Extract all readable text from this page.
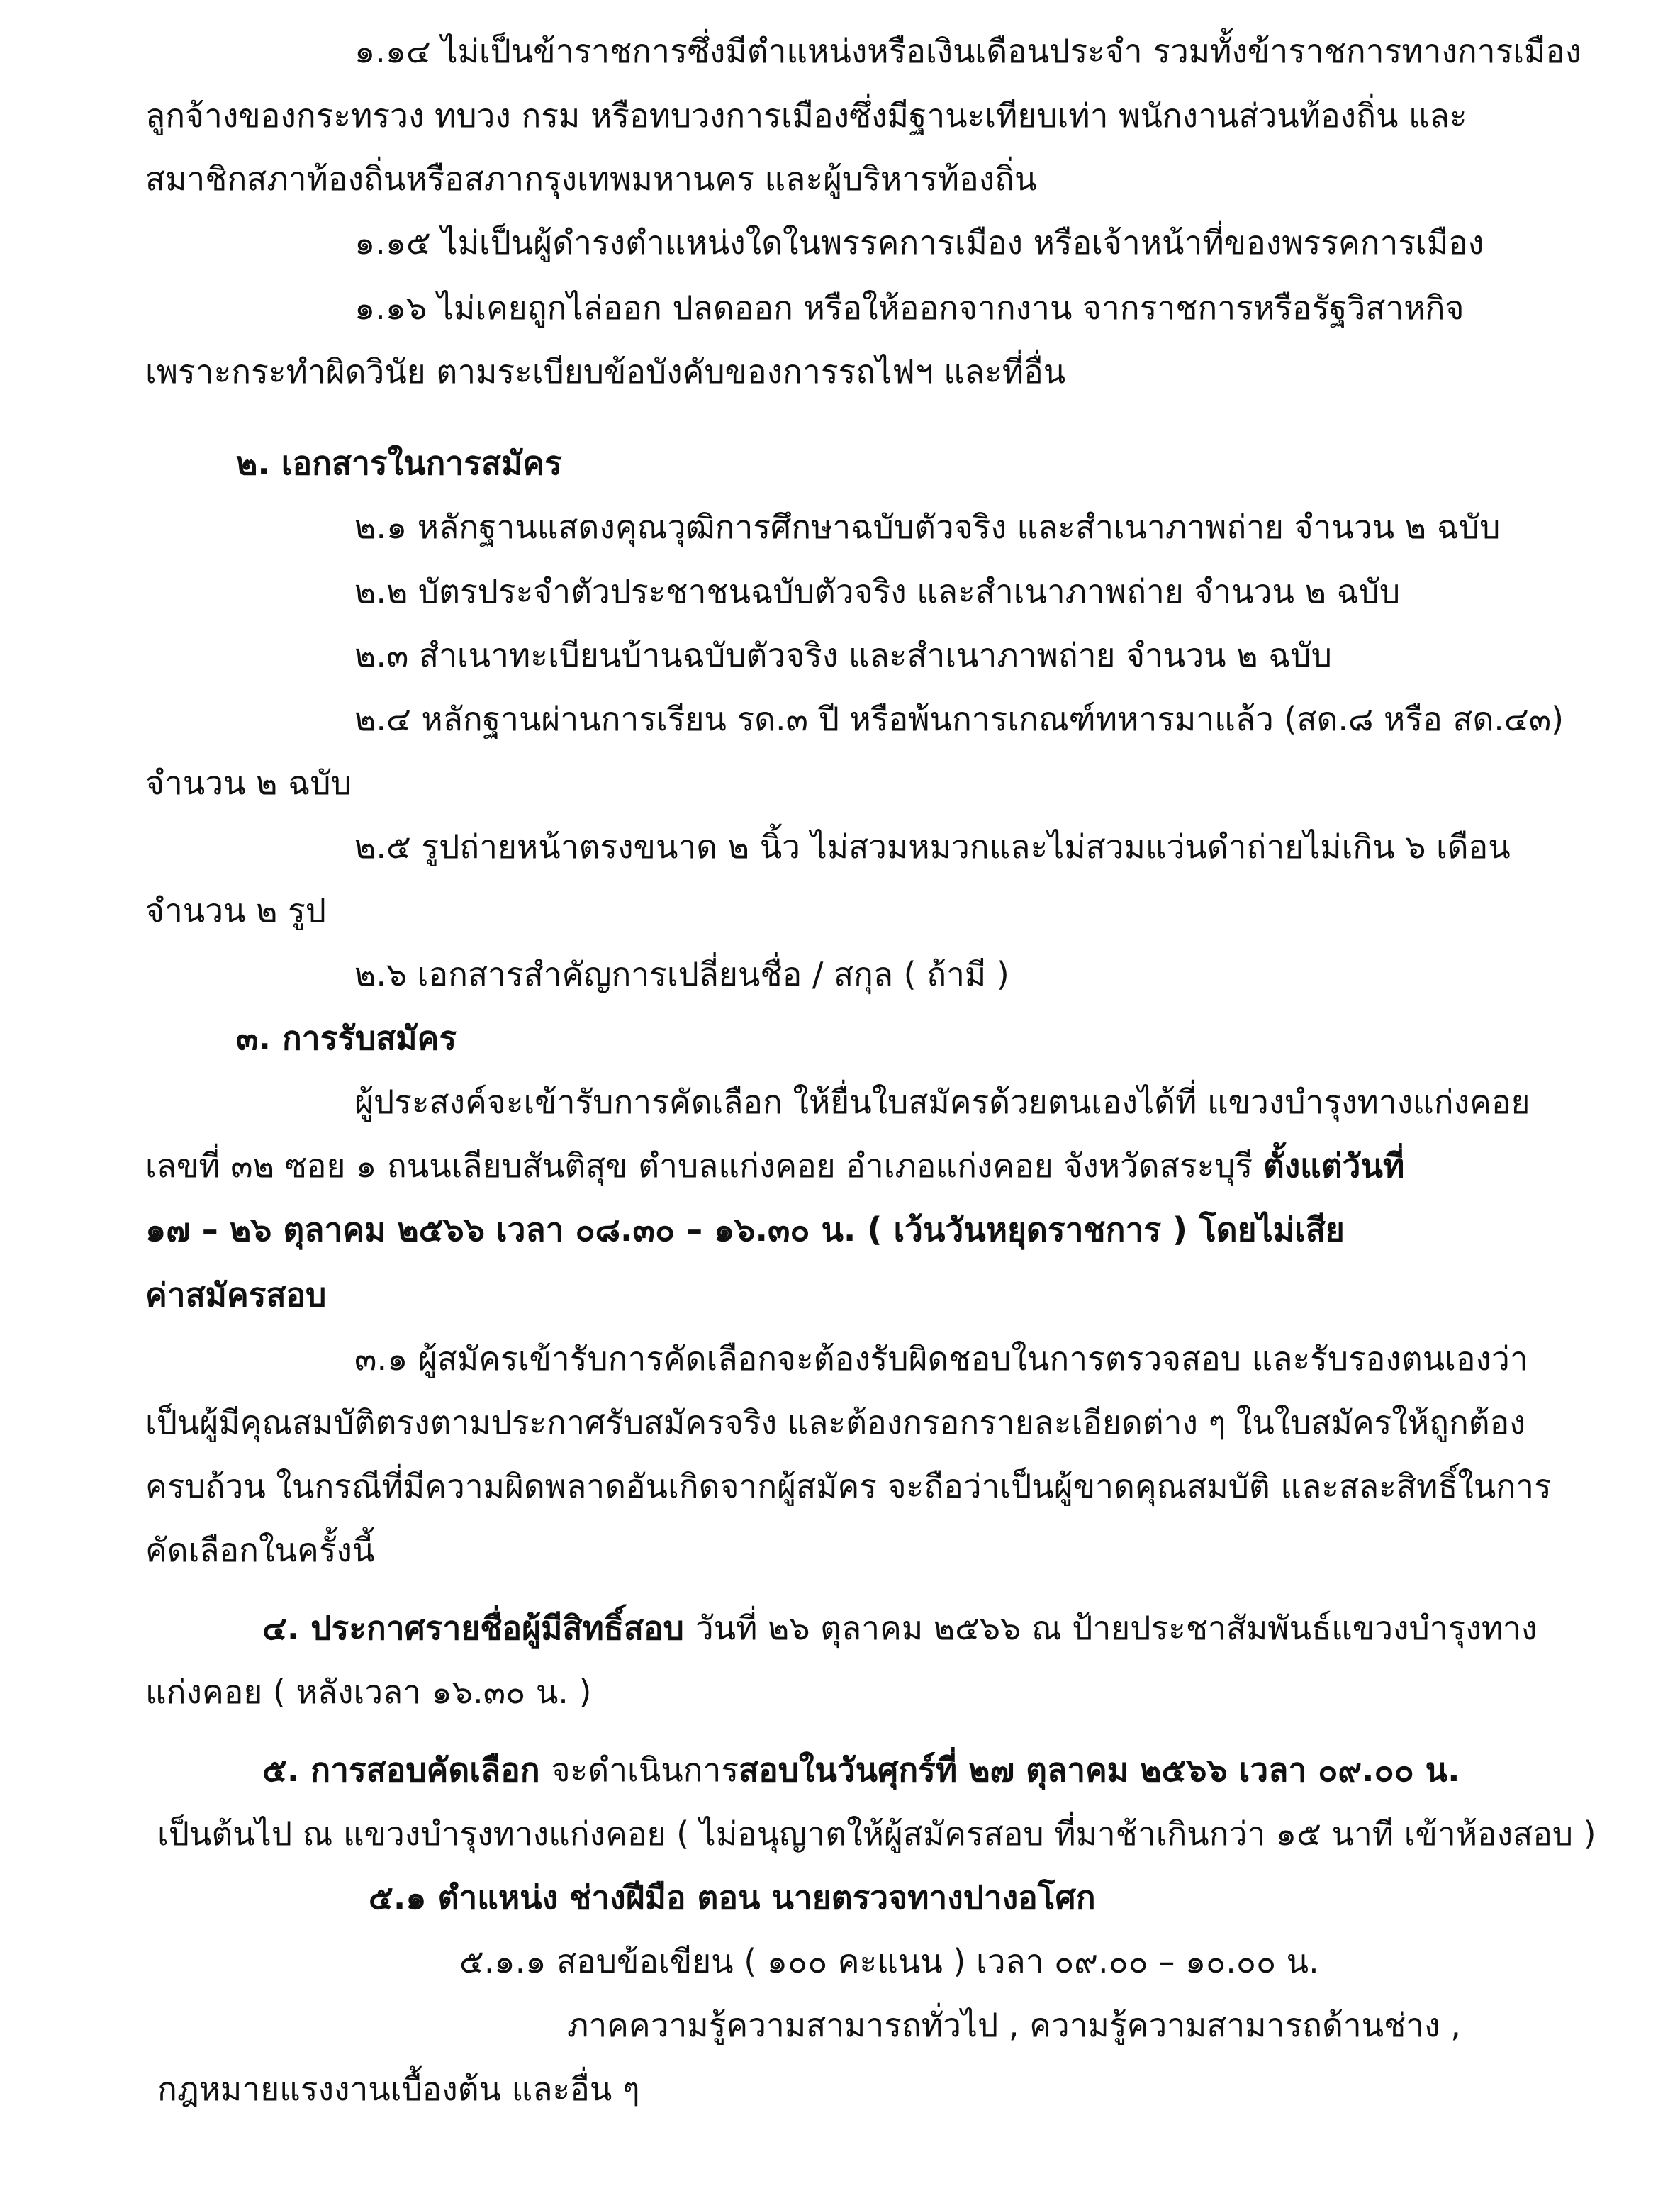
๑.๑๔ ไม่เป็นข้าราชการซึ่งมีตำแหน่งหรือเงินเดือนประจำ รวมทั้งข้าราชการทางการเมือง
ลูกจ้างของกระทรวง ทบวง กรม หรือทบวงการเมืองซึ่งมีฐานะเทียบเท่า พนักงานส่วนท้องถิ่น และ
สมาชิกสภาท้องถิ่นหรือสภากรุงเทพมหานคร และผู้บริหารท้องถิ่น
๑.๑๕ ไม่เป็นผู้ดำรงตำแหน่งใดในพรรคการเมือง หรือเจ้าหน้าที่ของพรรคการเมือง
๑.๑๖ ไม่เคยถูกไล่ออก ปลดออก หรือให้ออกจากงาน จากราชการหรือรัฐวิสาหกิจ
เพราะกระทำผิดวินัย ตามระเบียบข้อบังคับของการรถไฟฯ และที่อื่น
๒. เอกสารในการสมัคร
๒.๑ หลักฐานแสดงคุณวุฒิการศึกษาฉบับตัวจริง และสำเนาภาพถ่าย จำนวน ๒ ฉบับ
๒.๒ บัตรประจำตัวประชาชนฉบับตัวจริง และสำเนาภาพถ่าย จำนวน ๒ ฉบับ
๒.๓ สำเนาทะเบียนบ้านฉบับตัวจริง และสำเนาภาพถ่าย จำนวน ๒ ฉบับ
๒.๔ หลักฐานผ่านการเรียน รด.๓ ปี หรือพ้นการเกณฑ์ทหารมาแล้ว (สด.๘ หรือ สด.๔๓)
จำนวน ๒ ฉบับ
๒.๕ รูปถ่ายหน้าตรงขนาด ๒ นิ้ว ไม่สวมหมวกและไม่สวมแว่นดำถ่ายไม่เกิน ๖ เดือน
จำนวน ๒ รูป
๒.๖ เอกสารสำคัญการเปลี่ยนชื่อ / สกุล ( ถ้ามี )
๓. การรับสมัคร
ผู้ประสงค์จะเข้ารับการคัดเลือก ให้ยื่นใบสมัครด้วยตนเองได้ที่ แขวงบำรุงทางแก่งคอย
เลขที่ ๓๒ ซอย ๑ ถนนเลียบสันติสุข ตำบลแก่งคอย อำเภอแก่งคอย จังหวัดสระบุรี ตั้งแต่วันที่
๑๗ – ๒๖ ตุลาคม ๒๕๖๖ เวลา ๐๘.๓๐ – ๑๖.๓๐ น. ( เว้นวันหยุดราชการ ) โดยไม่เสีย
ค่าสมัครสอบ
๓.๑ ผู้สมัครเข้ารับการคัดเลือกจะต้องรับผิดชอบในการตรวจสอบ และรับรองตนเองว่า
เป็นผู้มีคุณสมบัติตรงตามประกาศรับสมัครจริง และต้องกรอกรายละเอียดต่าง ๆ ในใบสมัครให้ถูกต้อง
ครบถ้วน ในกรณีที่มีความผิดพลาดอันเกิดจากผู้สมัคร จะถือว่าเป็นผู้ขาดคุณสมบัติ และสละสิทธิ์ในการ
คัดเลือกในครั้งนี้
๔. ประกาศรายชื่อผู้มีสิทธิ์สอบ วันที่ ๒๖ ตุลาคม ๒๕๖๖ ณ ป้ายประชาสัมพันธ์แขวงบำรุงทาง
แก่งคอย ( หลังเวลา ๑๖.๓๐ น. )
๕. การสอบคัดเลือก จะดำเนินการสอบในวันศุกร์ที่ ๒๗ ตุลาคม ๒๕๖๖ เวลา ๐๙.๐๐ น.
เป็นต้นไป ณ แขวงบำรุงทางแก่งคอย ( ไม่อนุญาตให้ผู้สมัครสอบ ที่มาช้าเกินกว่า ๑๕ นาที เข้าห้องสอบ )
๕.๑ ตำแหน่ง ช่างฝีมือ ตอน นายตรวจทางปางอโศก
๕.๑.๑ สอบข้อเขียน ( ๑๐๐ คะแนน ) เวลา ๐๙.๐๐ – ๑๐.๐๐ น.
ภาคความรู้ความสามารถทั่วไป , ความรู้ความสามารถด้านช่าง ,
กฎหมายแรงงานเบื้องต้น และอื่น ๆ
